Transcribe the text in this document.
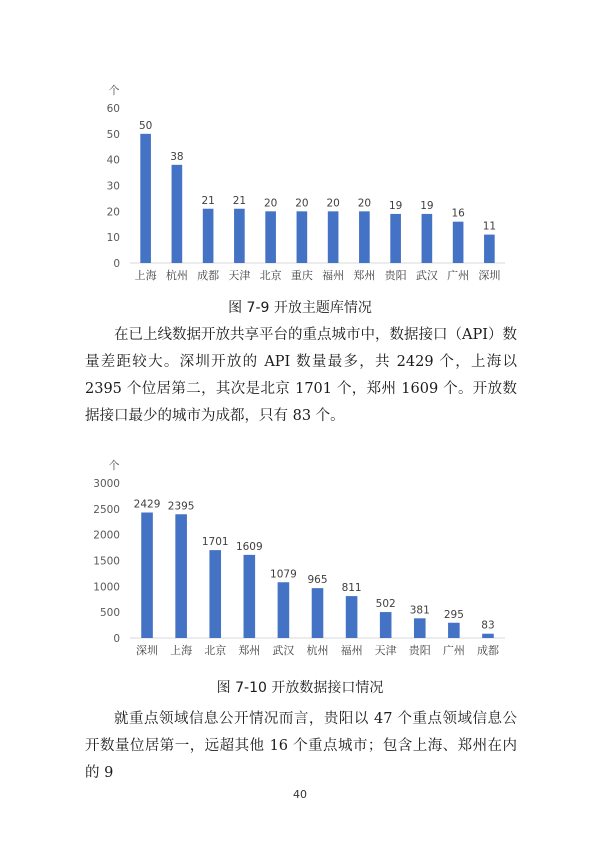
个
0
10
20
30
40
50
60
50
上海
38
杭州
21
成都
21
天津
20
北京
20
重庆
20
福州
20
郑州
19
贵阳
19
武汉
16
广州
11
深圳
图 7-9 开放主题库情况

在已上线数据开放共享平台的重点城市中，数据接口（API）数量差距较大。深圳开放的 API 数量最多，共 2429 个，上海以 2395 个位居第二，其次是北京 1701 个，郑州 1609 个。开放数据接口最少的城市为成都，只有 83 个。

个
0
500
1000
1500
2000
2500
3000
2429
深圳
2395
上海
1701
北京
1609
郑州
1079
武汉
965
杭州
811
福州
502
天津
381
贵阳
295
广州
83
成都
图 7-10 开放数据接口情况

就重点领域信息公开情况而言，贵阳以 47 个重点领域信息公开数量位居第一，远超其他 16 个重点城市；包含上海、郑州在内的 9

40
